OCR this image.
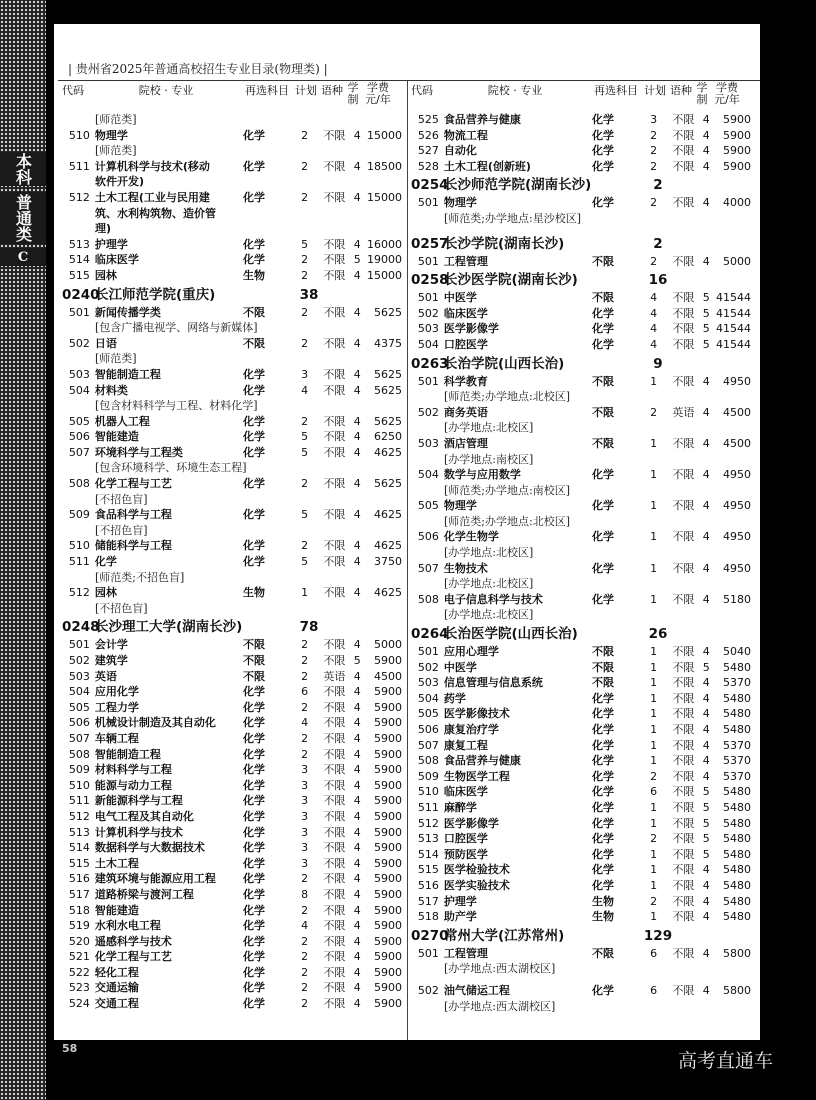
本科
普通类
C
| 贵州省2025年普通高校招生专业目录(物理类) |
代码	院校 · 专业	再选科目 计划 语种 学制
学费元/年
[师范类]
510 物理学	化学	2	不限 4 15000
[师范类]
511 计算机科学与技术(移动	化学	2	不限 4 18500
软件开发)
512 土木工程(工业与民用建	化学	2	不限 4 15000
筑、水利构筑物、造价管
理)
513 护理学	化学	5	不限 4 16000
514 临床医学	化学	2	不限 5 19000
515 园林	生物	2	不限 4 15000
0240
长江师范学院(重庆)	38
501 新闻传播学类	不限	2	不限 4	5625
[包含广播电视学、网络与新媒体]
502 日语	不限	2	不限 4	4375
[师范类]
503 智能制造工程	化学	3	不限 4	5625
504 材料类	化学	4	不限 4	5625
[包含材料科学与工程、材料化学]
505 机器人工程	化学	2	不限 4	5625
506 智能建造	化学	5	不限 4	6250
507 环境科学与工程类	化学	5	不限 4	4625
[包含环境科学、环境生态工程]
508 化学工程与工艺	化学	2	不限 4	5625
[不招色盲]
509 食品科学与工程	化学	5	不限 4	4625
[不招色盲]
510 储能科学与工程	化学	2	不限 4	4625
511 化学	化学	5	不限 4	3750
[师范类;不招色盲]
512 园林	生物	1	不限 4	4625
[不招色盲]
0248
长沙理工大学(湖南长沙)	78
501 会计学	不限	2	不限 4	5000
502 建筑学	不限	2	不限 5	5900
503 英语	不限	2	英语 4	4500
504 应用化学	化学	6	不限 4	5900
505 工程力学	化学	2	不限 4	5900
506 机械设计制造及其自动化	化学	4	不限 4	5900
507 车辆工程	化学	2	不限 4	5900
508 智能制造工程	化学	2	不限 4	5900
509 材料科学与工程	化学	3	不限 4	5900
510 能源与动力工程	化学	3	不限 4	5900
511 新能源科学与工程	化学	3	不限 4	5900
512 电气工程及其自动化	化学	3	不限 4	5900
513 计算机科学与技术	化学	3	不限 4	5900
514 数据科学与大数据技术	化学	3	不限 4	5900
515 土木工程	化学	3	不限 4	5900
516 建筑环境与能源应用工程	化学	2	不限 4	5900
517 道路桥梁与渡河工程	化学	8	不限 4	5900
518 智能建造	化学	2	不限 4	5900
519 水利水电工程	化学	4	不限 4	5900
520 遥感科学与技术	化学	2	不限 4	5900
521 化学工程与工艺	化学	2	不限 4	5900
522 轻化工程	化学	2	不限 4	5900
523 交通运输	化学	2	不限 4	5900
524 交通工程	化学	2	不限 4	5900
代码	院校 · 专业	再选科目 计划 语种 学制
学费元/年
525 食品营养与健康	化学	3	不限 4	5900
526 物流工程	化学	2	不限 4	5900
527 自动化	化学	2	不限 4	5900
528 土木工程(创新班)	化学	2	不限 4	5900
0254
长沙师范学院(湖南长沙)	2
501 物理学	化学	2	不限 4	4000
[师范类;办学地点:星沙校区]
0257
长沙学院(湖南长沙)	2
501 工程管理	不限	2	不限 4	5000
0258
长沙医学院(湖南长沙)	16
501 中医学	不限	4	不限 5 41544
502 临床医学	化学	4	不限 5 41544
503 医学影像学	化学	4	不限 5 41544
504 口腔医学	化学	4	不限 5 41544
0263
长治学院(山西长治)	9
501 科学教育	不限	1	不限 4	4950
[师范类;办学地点:北校区]
502 商务英语	不限	2	英语 4	4500
[办学地点:北校区]
503 酒店管理	不限	1	不限 4	4500
[办学地点:南校区]
504 数学与应用数学	化学	1	不限 4	4950
[师范类;办学地点:南校区]
505 物理学	化学	1	不限 4	4950
[师范类;办学地点:北校区]
506 化学生物学	化学	1	不限 4	4950
[办学地点:北校区]
507 生物技术	化学	1	不限 4	4950
[办学地点:北校区]
508 电子信息科学与技术	化学	1	不限 4	5180
[办学地点:北校区]
0264
长治医学院(山西长治)	26
501 应用心理学	不限	1	不限 4	5040
502 中医学	不限	1	不限 5	5480
503 信息管理与信息系统	不限	1	不限 4	5370
504 药学	化学	1	不限 4	5480
505 医学影像技术	化学	1	不限 4	5480
506 康复治疗学	化学	1	不限 4	5480
507 康复工程	化学	1	不限 4	5370
508 食品营养与健康	化学	1	不限 4	5370
509 生物医学工程	化学	2	不限 4	5370
510 临床医学	化学	6	不限 5	5480
511 麻醉学	化学	1	不限 5	5480
512 医学影像学	化学	1	不限 5	5480
513 口腔医学	化学	2	不限 5	5480
514 预防医学	化学	1	不限 5	5480
515 医学检验技术	化学	1	不限 4	5480
516 医学实验技术	化学	1	不限 4	5480
517 护理学	生物	2	不限 4	5480
518 助产学	生物	1	不限 4	5480
0270
常州大学(江苏常州)	129
501 工程管理	不限	6	不限 4	5800
[办学地点:西太湖校区]
502 油气储运工程	化学	6	不限 4	5800
[办学地点:西太湖校区]
58
高考直通车
